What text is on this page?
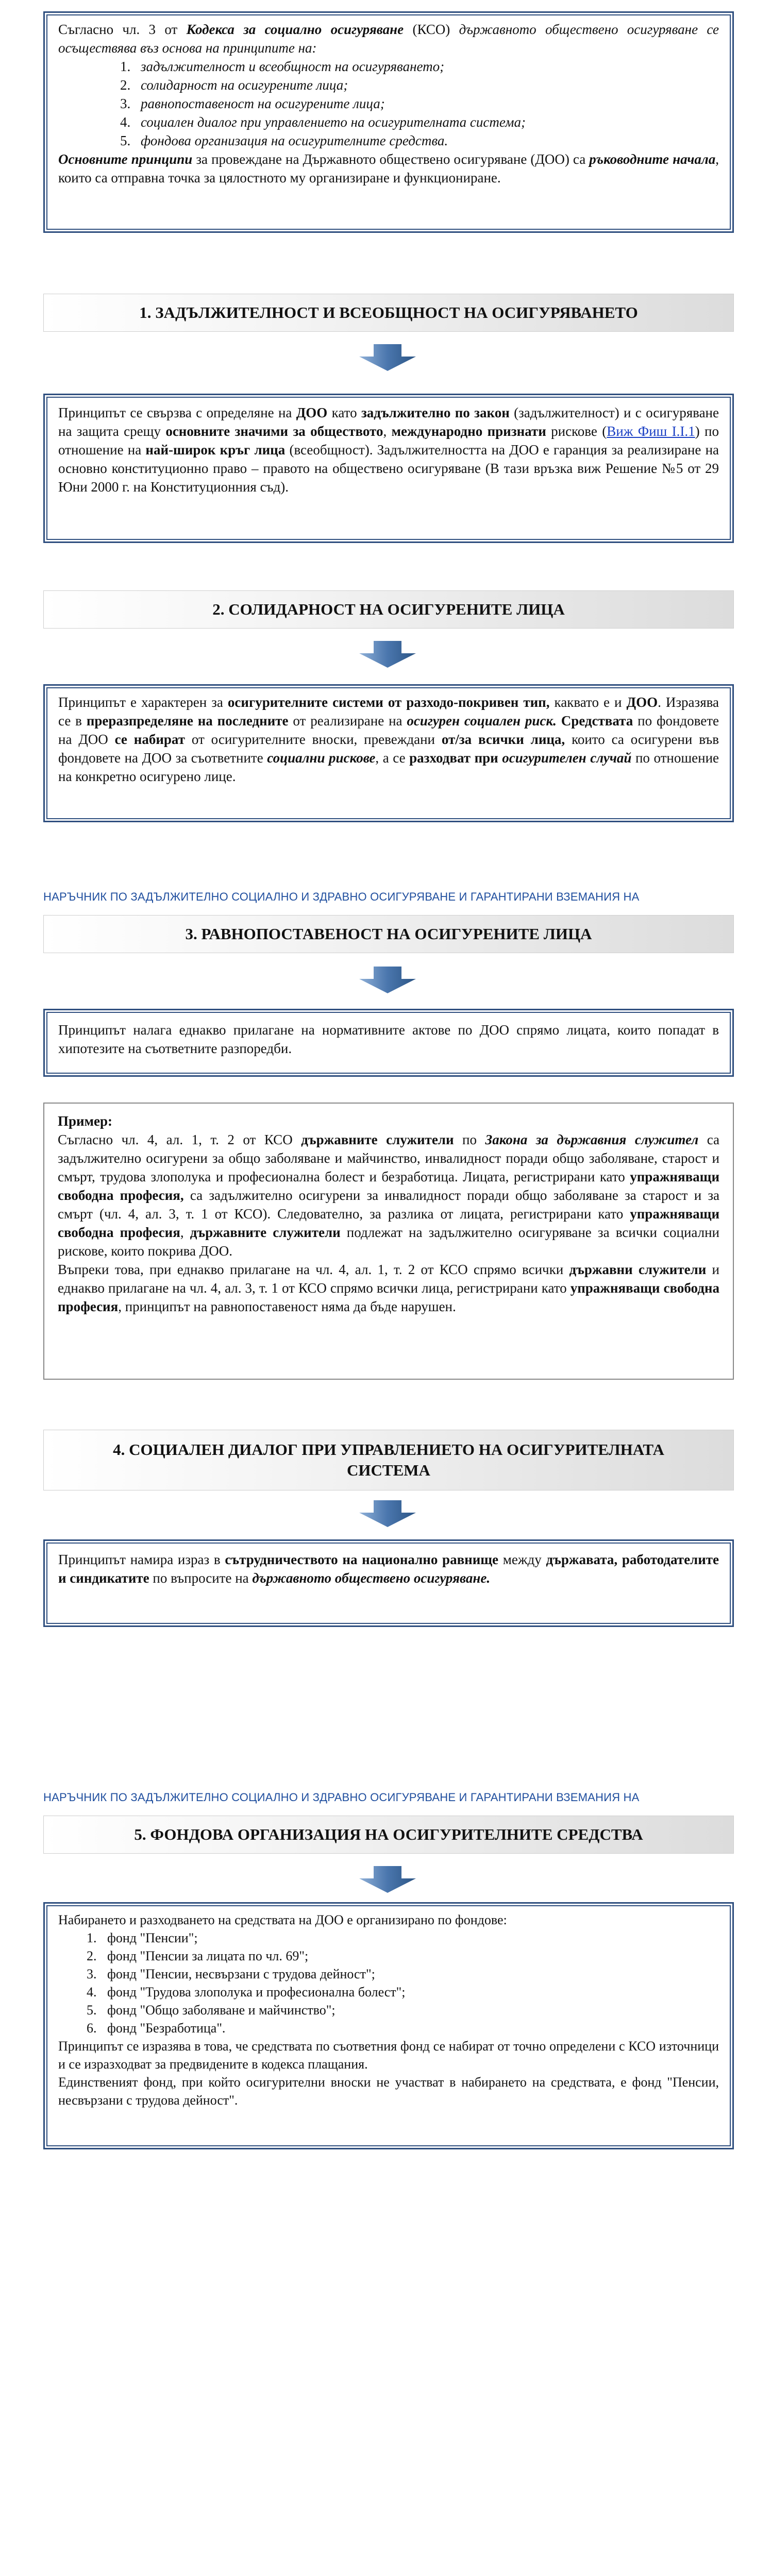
Съгласно чл. 3 от Кодекса за социално осигуряване (КСО) държавното обществено осигуряване се осъществява въз основа на принципите на:

1. задължителност и всеобщност на осигуряването;
2. солидарност на осигурените лица;
3. равнопоставеност на осигурените лица;
4. социален диалог при управлението на осигурителната система;
5. фондова организация на осигурителните средства.

Основните принципи за провеждане на Държавното обществено осигуряване (ДОО) са ръководните начала, които са отправна точка за цялостното му организиране и функциониране.

1. ЗАДЪЛЖИТЕЛНОСТ И ВСЕОБЩНОСТ НА ОСИГУРЯВАНЕТО

Принципът се свързва с определяне на ДОО като задължително по закон (задължителност) и с осигуряване на защита срещу основните значими за обществото, международно признати рискове (Виж Фиш I.I.1) по отношение на най-широк кръг лица (всеобщност). Задължителността на ДОО е гаранция за реализиране на основно конституционно право – правото на обществено осигуряване (В тази връзка виж Решение №5 от 29 Юни 2000 г. на Конституционния съд).

2. СОЛИДАРНОСТ НА ОСИГУРЕНИТЕ ЛИЦА

Принципът е характерен за осигурителните системи от разходо-покривен тип, каквато е и ДОО. Изразява се в преразпределяне на последните от реализиране на осигурен социален риск. Средствата по фондовете на ДОО се набират от осигурителните вноски, превеждани от/за всички лица, които са осигурени във фондовете на ДОО за съответните социални рискове, а се разходват при осигурителен случай по отношение на конкретно осигурено лице.

НАРЪЧНИК ПО ЗАДЪЛЖИТЕЛНО СОЦИАЛНО И ЗДРАВНО ОСИГУРЯВАНЕ И ГАРАНТИРАНИ ВЗЕМАНИЯ НА
3. РАВНОПОСТАВЕНОСТ НА ОСИГУРЕНИТЕ ЛИЦА

Принципът налага еднакво прилагане на нормативните актове по ДОО спрямо лицата, които попадат в хипотезите на съответните разпоредби.

Пример:

Съгласно чл. 4, ал. 1, т. 2 от КСО държавните служители по Закона за държавния служител са задължително осигурени за общо заболяване и майчинство, инвалидност поради общо заболяване, старост и смърт, трудова злополука и професионална болест и безработица. Лицата, регистрирани като упражняващи свободна професия, са задължително осигурени за инвалидност поради общо заболяване за старост и за смърт (чл. 4, ал. 3, т. 1 от КСО). Следователно, за разлика от лицата, регистрирани като упражняващи свободна професия, държавните служители подлежат на задължително осигуряване за всички социални рискове, които покрива ДОО.

Въпреки това, при еднакво прилагане на чл. 4, ал. 1, т. 2 от КСО спрямо всички държавни служители и еднакво прилагане на чл. 4, ал. 3, т. 1 от КСО спрямо всички лица, регистрирани като упражняващи свободна професия, принципът на равнопоставеност няма да бъде нарушен.

4. СОЦИАЛЕН ДИАЛОГ ПРИ УПРАВЛЕНИЕТО НА ОСИГУРИТЕЛНАТА СИСТЕМА

Принципът намира израз в сътрудничеството на национално равнище между държавата, работодателите и синдикатите по въпросите на държавното обществено осигуряване.

НАРЪЧНИК ПО ЗАДЪЛЖИТЕЛНО СОЦИАЛНО И ЗДРАВНО ОСИГУРЯВАНЕ И ГАРАНТИРАНИ ВЗЕМАНИЯ НА
5. ФОНДОВА ОРГАНИЗАЦИЯ НА ОСИГУРИТЕЛНИТЕ СРЕДСТВА

Набирането и разходването на средствата на ДОО е организирано по фондове:

1. фонд "Пенсии";
2. фонд "Пенсии за лицата по чл. 69";
3. фонд "Пенсии, несвързани с трудова дейност";
4. фонд "Трудова злополука и професионална болест";
5. фонд "Общо заболяване и майчинство";
6. фонд "Безработица".

Принципът се изразява в това, че средствата по съответния фонд се набират от точно определени с КСО източници и се изразходват за предвидените в кодекса плащания.

Единственият фонд, при който осигурителни вноски не участват в набирането на средствата, е фонд "Пенсии, несвързани с трудова дейност".
